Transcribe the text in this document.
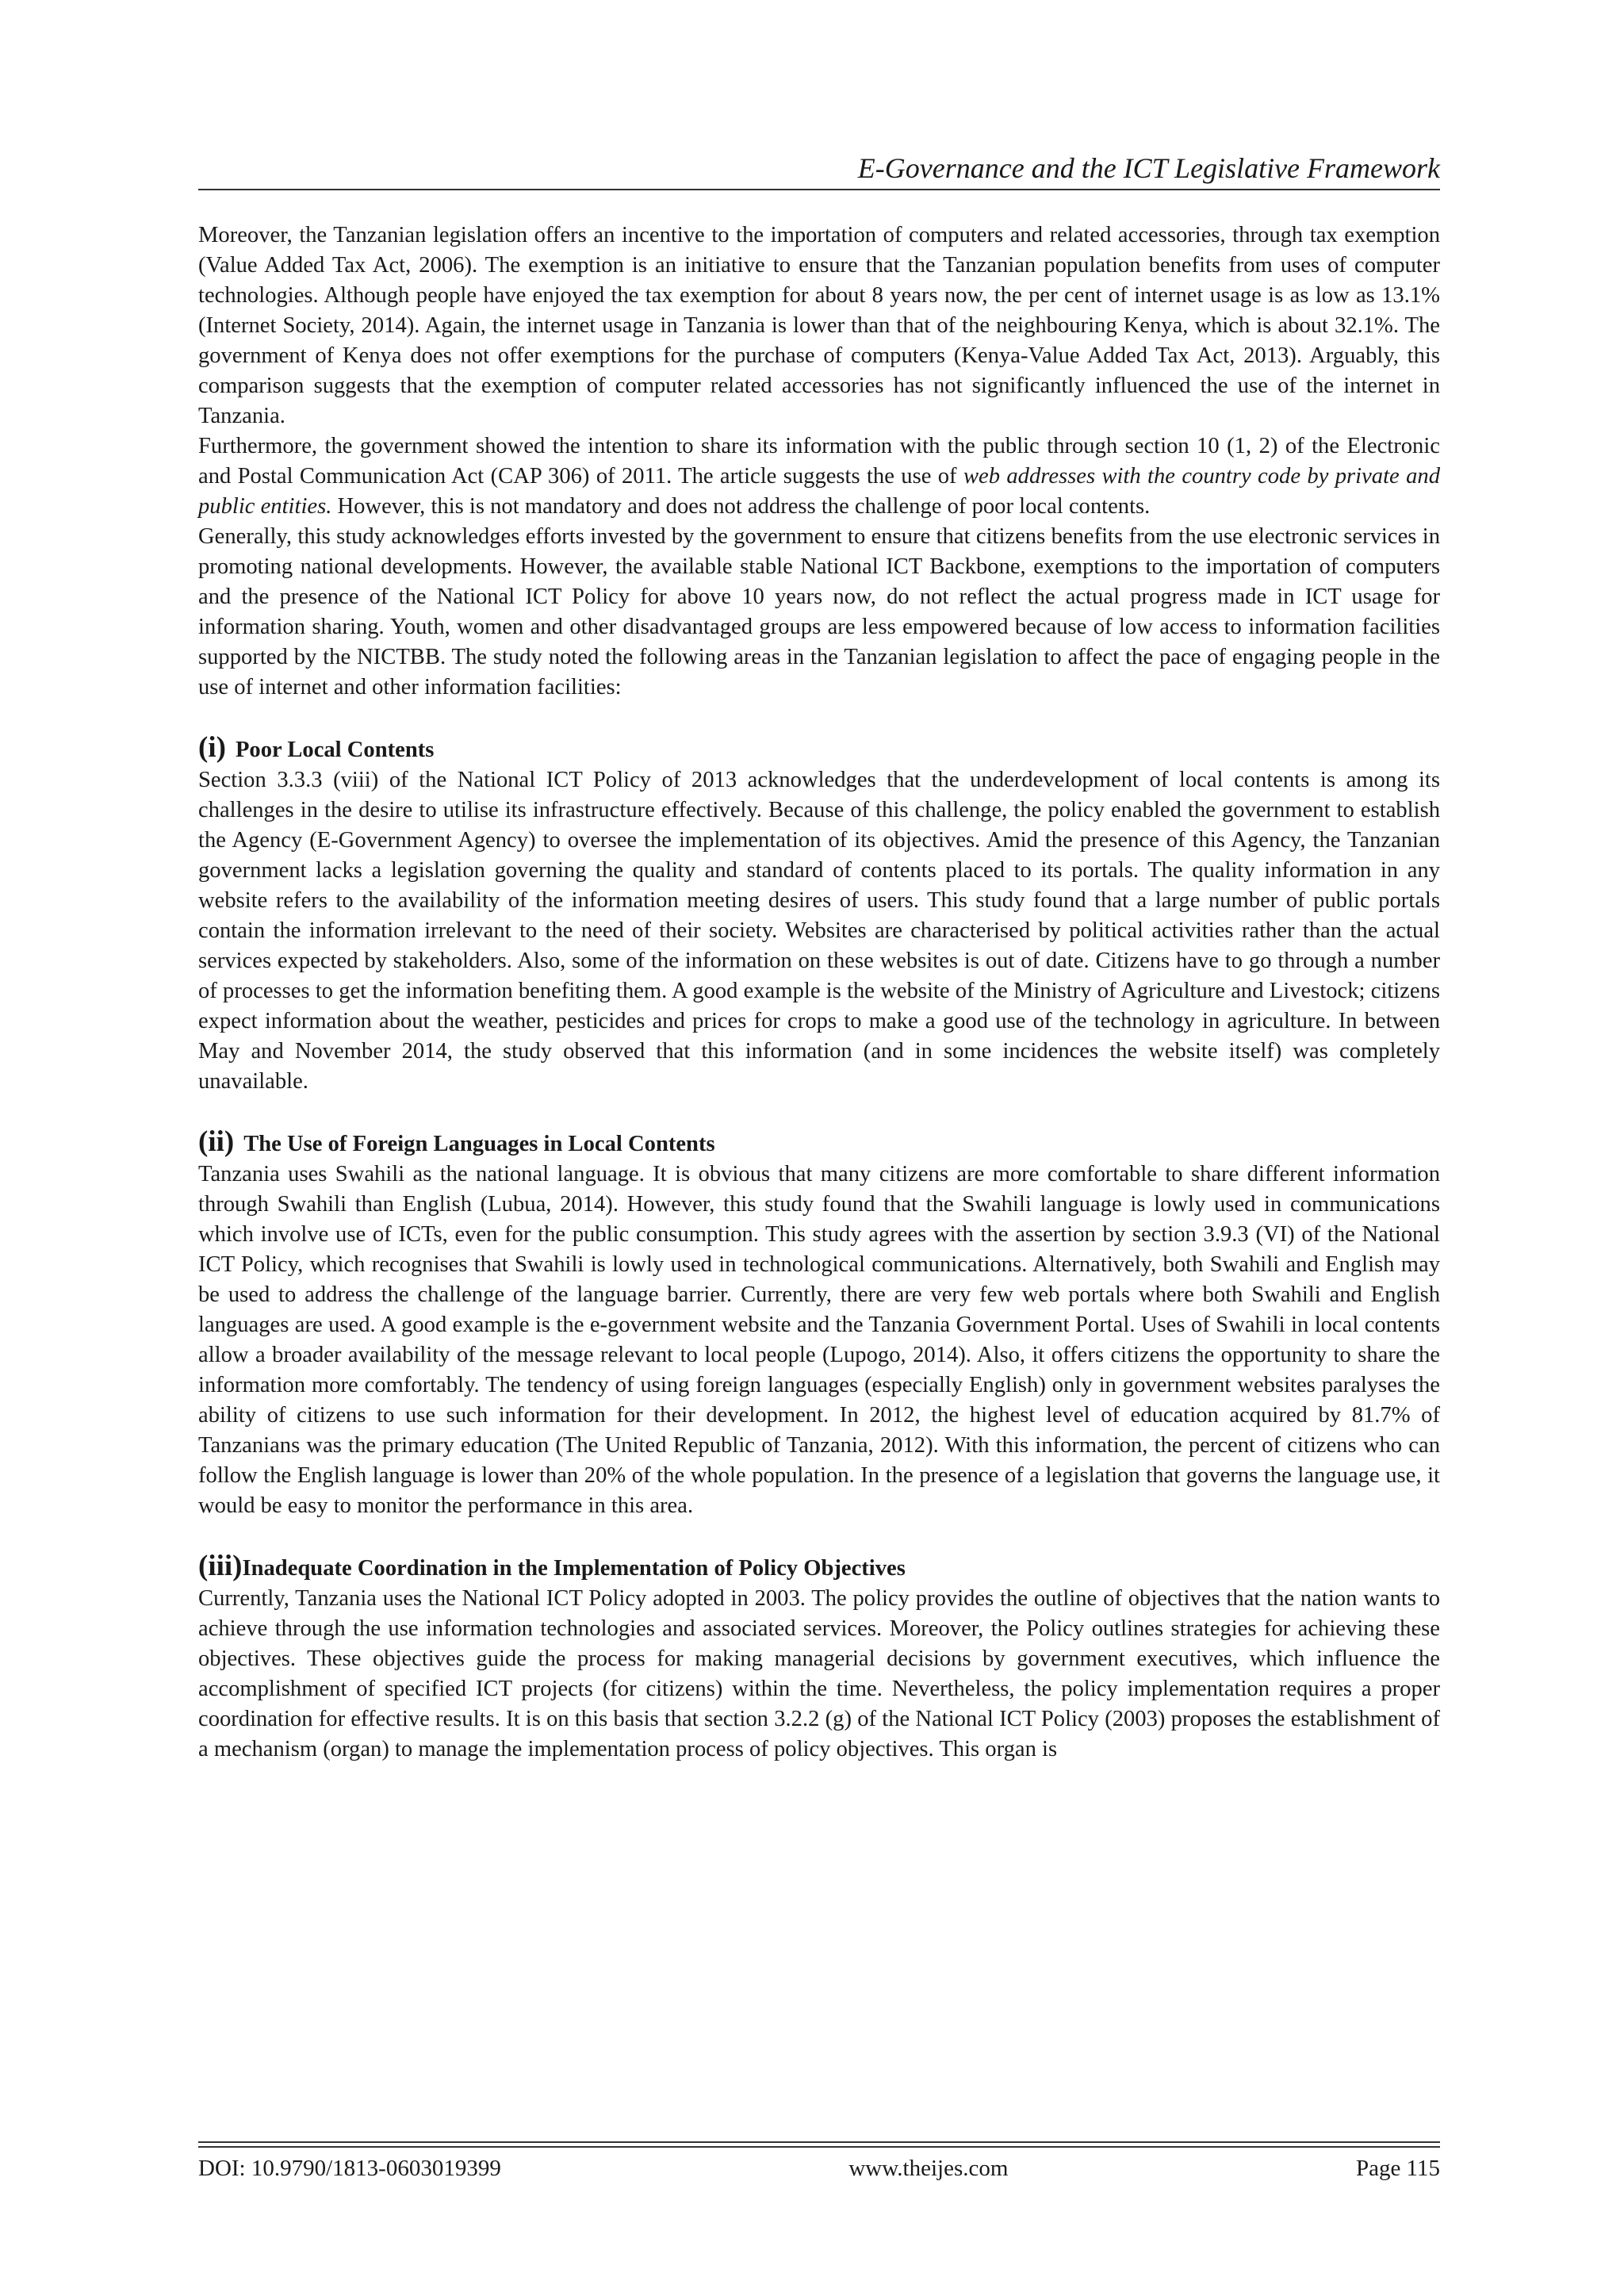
E-Governance and the ICT Legislative Framework

Moreover, the Tanzanian legislation offers an incentive to the importation of computers and related accessories, through tax exemption (Value Added Tax Act, 2006). The exemption is an initiative to ensure that the Tanzanian population benefits from uses of computer technologies. Although people have enjoyed the tax exemption for about 8 years now, the per cent of internet usage is as low as 13.1% (Internet Society, 2014). Again, the internet usage in Tanzania is lower than that of the neighbouring Kenya, which is about 32.1%. The government of Kenya does not offer exemptions for the purchase of computers (Kenya-Value Added Tax Act, 2013). Arguably, this comparison suggests that the exemption of computer related accessories has not significantly influenced the use of the internet in Tanzania.

Furthermore, the government showed the intention to share its information with the public through section 10 (1, 2) of the Electronic and Postal Communication Act (CAP 306) of 2011. The article suggests the use of web addresses with the country code by private and public entities. However, this is not mandatory and does not address the challenge of poor local contents.

Generally, this study acknowledges efforts invested by the government to ensure that citizens benefits from the use electronic services in promoting national developments. However, the available stable National ICT Backbone, exemptions to the importation of computers and the presence of the National ICT Policy for above 10 years now, do not reflect the actual progress made in ICT usage for information sharing. Youth, women and other disadvantaged groups are less empowered because of low access to information facilities supported by the NICTBB. The study noted the following areas in the Tanzanian legislation to affect the pace of engaging people in the use of internet and other information facilities:

(i) Poor Local Contents

Section 3.3.3 (viii) of the National ICT Policy of 2013 acknowledges that the underdevelopment of local contents is among its challenges in the desire to utilise its infrastructure effectively. Because of this challenge, the policy enabled the government to establish the Agency (E-Government Agency) to oversee the implementation of its objectives. Amid the presence of this Agency, the Tanzanian government lacks a legislation governing the quality and standard of contents placed to its portals. The quality information in any website refers to the availability of the information meeting desires of users. This study found that a large number of public portals contain the information irrelevant to the need of their society. Websites are characterised by political activities rather than the actual services expected by stakeholders. Also, some of the information on these websites is out of date. Citizens have to go through a number of processes to get the information benefiting them. A good example is the website of the Ministry of Agriculture and Livestock; citizens expect information about the weather, pesticides and prices for crops to make a good use of the technology in agriculture. In between May and November 2014, the study observed that this information (and in some incidences the website itself) was completely unavailable.

(ii) The Use of Foreign Languages in Local Contents

Tanzania uses Swahili as the national language. It is obvious that many citizens are more comfortable to share different information through Swahili than English (Lubua, 2014). However, this study found that the Swahili language is lowly used in communications which involve use of ICTs, even for the public consumption. This study agrees with the assertion by section 3.9.3 (VI) of the National ICT Policy, which recognises that Swahili is lowly used in technological communications. Alternatively, both Swahili and English may be used to address the challenge of the language barrier. Currently, there are very few web portals where both Swahili and English languages are used. A good example is the e-government website and the Tanzania Government Portal. Uses of Swahili in local contents allow a broader availability of the message relevant to local people (Lupogo, 2014). Also, it offers citizens the opportunity to share the information more comfortably. The tendency of using foreign languages (especially English) only in government websites paralyses the ability of citizens to use such information for their development. In 2012, the highest level of education acquired by 81.7% of Tanzanians was the primary education (The United Republic of Tanzania, 2012). With this information, the percent of citizens who can follow the English language is lower than 20% of the whole population. In the presence of a legislation that governs the language use, it would be easy to monitor the performance in this area.

(iii)Inadequate Coordination in the Implementation of Policy Objectives

Currently, Tanzania uses the National ICT Policy adopted in 2003. The policy provides the outline of objectives that the nation wants to achieve through the use information technologies and associated services. Moreover, the Policy outlines strategies for achieving these objectives. These objectives guide the process for making managerial decisions by government executives, which influence the accomplishment of specified ICT projects (for citizens) within the time. Nevertheless, the policy implementation requires a proper coordination for effective results. It is on this basis that section 3.2.2 (g) of the National ICT Policy (2003) proposes the establishment of a mechanism (organ) to manage the implementation process of policy objectives. This organ is

DOI: 10.9790/1813-0603019399	www.theijes.com	Page 115
